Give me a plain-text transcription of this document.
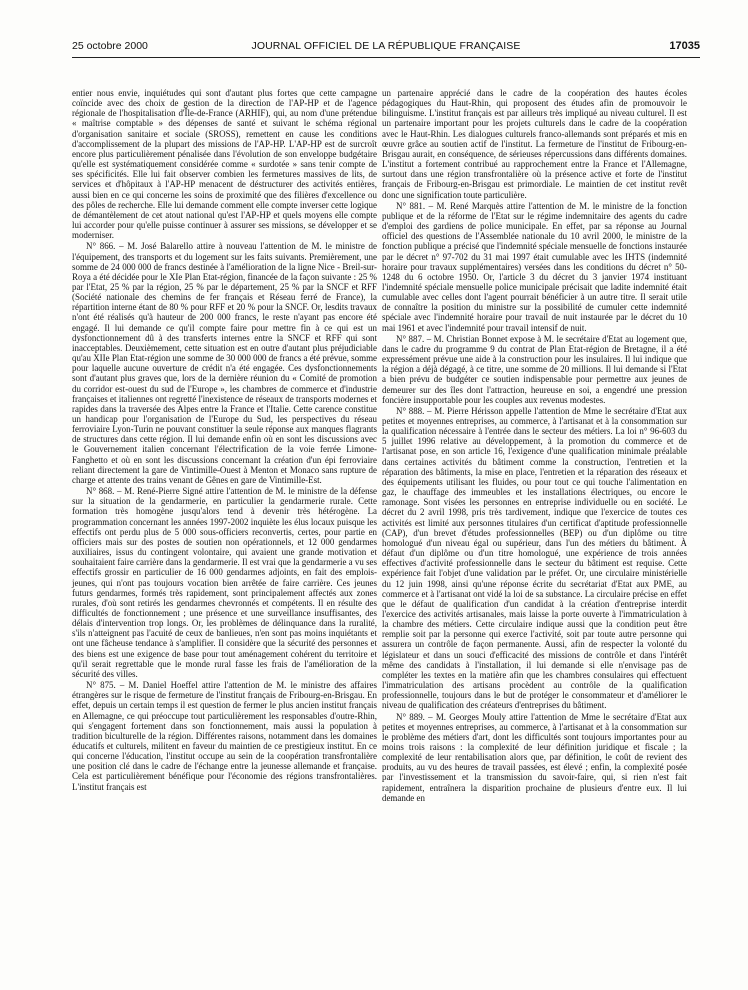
25 octobre 2000	JOURNAL OFFICIEL DE LA RÉPUBLIQUE FRANÇAISE	17035

entier nous envie, inquiétudes qui sont d'autant plus fortes que cette campagne coïncide avec des choix de gestion de la direction de l'AP-HP et de l'agence régionale de l'hospitalisation d'Île-de-France (ARHIF), qui, au nom d'une prétendue « maîtrise comptable » des dépenses de santé et suivant le schéma régional d'organisation sanitaire et sociale (SROSS), remettent en cause les conditions d'accomplissement de la plupart des missions de l'AP-HP. L'AP-HP est de surcroît encore plus particulièrement pénalisée dans l'évolution de son enveloppe budgétaire qu'elle est systématiquement considérée comme « surdotée » sans tenir compte de ses spécificités. Elle lui fait observer combien les fermetures massives de lits, de services et d'hôpitaux à l'AP-HP menacent de déstructurer des activités entières, aussi bien en ce qui concerne les soins de proximité que des filières d'excellence ou des pôles de recherche. Elle lui demande comment elle compte inverser cette logique de démantèlement de cet atout national qu'est l'AP-HP et quels moyens elle compte lui accorder pour qu'elle puisse continuer à assurer ses missions, se développer et se moderniser.

N° 866. – M. José Balarello attire à nouveau l'attention de M. le ministre de l'équipement, des transports et du logement sur les faits suivants. Premièrement, une somme de 24 000 000 de francs destinée à l'amélioration de la ligne Nice - Breil-sur-Roya a été décidée pour le XIe Plan Etat-région, financée de la façon suivante : 25 % par l'Etat, 25 % par la région, 25 % par le département, 25 % par la SNCF et RFF (Société nationale des chemins de fer français et Réseau ferré de France), la répartition interne étant de 80 % pour RFF et 20 % pour la SNCF. Or, lesdits travaux n'ont été réalisés qu'à hauteur de 200 000 francs, le reste n'ayant pas encore été engagé. Il lui demande ce qu'il compte faire pour mettre fin à ce qui est un dysfonctionnement dû à des transferts internes entre la SNCF et RFF qui sont inacceptables. Deuxièmement, cette situation est en outre d'autant plus préjudiciable qu'au XIIe Plan Etat-région une somme de 30 000 000 de francs a été prévue, somme pour laquelle aucune ouverture de crédit n'a été engagée. Ces dysfonctionnements sont d'autant plus graves que, lors de la dernière réunion du « Comité de promotion du corridor est-ouest du sud de l'Europe », les chambres de commerce et d'industrie françaises et italiennes ont regretté l'inexistence de réseaux de transports modernes et rapides dans la traversée des Alpes entre la France et l'Italie. Cette carence constitue un handicap pour l'organisation de l'Europe du Sud, les perspectives du réseau ferroviaire Lyon-Turin ne pouvant constituer la seule réponse aux manques flagrants de structures dans cette région. Il lui demande enfin où en sont les discussions avec le Gouvernement italien concernant l'électrification de la voie ferrée Limone-Fanghetto et où en sont les discussions concernant la création d'un épi ferroviaire reliant directement la gare de Vintimille-Ouest à Menton et Monaco sans rupture de charge et attente des trains venant de Gênes en gare de Vintimille-Est.

N° 868. – M. René-Pierre Signé attire l'attention de M. le ministre de la défense sur la situation de la gendarmerie, en particulier la gendarmerie rurale. Cette formation très homogène jusqu'alors tend à devenir très hétérogène. La programmation concernant les années 1997-2002 inquiète les élus locaux puisque les effectifs ont perdu plus de 5 000 sous-officiers reconvertis, certes, pour partie en officiers mais sur des postes de soutien non opérationnels, et 12 000 gendarmes auxiliaires, issus du contingent volontaire, qui avaient une grande motivation et souhaitaient faire carrière dans la gendarmerie. Il est vrai que la gendarmerie a vu ses effectifs grossir en particulier de 16 000 gendarmes adjoints, en fait des emplois-jeunes, qui n'ont pas toujours vocation bien arrêtée de faire carrière. Ces jeunes futurs gendarmes, formés très rapidement, sont principalement affectés aux zones rurales, d'où sont retirés les gendarmes chevronnés et compétents. Il en résulte des difficultés de fonctionnement ; une présence et une surveillance insuffisantes, des délais d'intervention trop longs. Or, les problèmes de délinquance dans la ruralité, s'ils n'atteignent pas l'acuité de ceux de banlieues, n'en sont pas moins inquiétants et ont une fâcheuse tendance à s'amplifier. Il considère que la sécurité des personnes et des biens est une exigence de base pour tout aménagement cohérent du territoire et qu'il serait regrettable que le monde rural fasse les frais de l'amélioration de la sécurité des villes.

N° 875. – M. Daniel Hoeffel attire l'attention de M. le ministre des affaires étrangères sur le risque de fermeture de l'institut français de Fribourg-en-Brisgau. En effet, depuis un certain temps il est question de fermer le plus ancien institut français en Allemagne, ce qui préoccupe tout particulièrement les responsables d'outre-Rhin, qui s'engagent fortement dans son fonctionnement, mais aussi la population à tradition biculturelle de la région. Différentes raisons, notamment dans les domaines éducatifs et culturels, militent en faveur du maintien de ce prestigieux institut. En ce qui concerne l'éducation, l'institut occupe au sein de la coopération transfrontalière une position clé dans le cadre de l'échange entre la jeunesse allemande et française. Cela est particulièrement bénéfique pour l'économie des régions transfrontalières. L'institut français est

un partenaire apprécié dans le cadre de la coopération des hautes écoles pédagogiques du Haut-Rhin, qui proposent des études afin de promouvoir le bilinguisme. L'institut français est par ailleurs très impliqué au niveau culturel. Il est un partenaire important pour les projets culturels dans le cadre de la coopération avec le Haut-Rhin. Les dialogues culturels franco-allemands sont préparés et mis en œuvre grâce au soutien actif de l'institut. La fermeture de l'institut de Fribourg-en-Brisgau aurait, en conséquence, de sérieuses répercussions dans différents domaines. L'institut a fortement contribué au rapprochement entre la France et l'Allemagne, surtout dans une région transfrontalière où la présence active et forte de l'institut français de Fribourg-en-Brisgau est primordiale. Le maintien de cet institut revêt donc une signification toute particulière.

N° 881. – M. René Marquès attire l'attention de M. le ministre de la fonction publique et de la réforme de l'Etat sur le régime indemnitaire des agents du cadre d'emploi des gardiens de police municipale. En effet, par sa réponse au Journal officiel des questions de l'Assemblée nationale du 10 avril 2000, le ministre de la fonction publique a précisé que l'indemnité spéciale mensuelle de fonctions instaurée par le décret n° 97-702 du 31 mai 1997 était cumulable avec les IHTS (indemnité horaire pour travaux supplémentaires) versées dans les conditions du décret n° 50-1248 du 6 octobre 1950. Or, l'article 3 du décret du 3 janvier 1974 instituant l'indemnité spéciale mensuelle police municipale précisait que ladite indemnité était cumulable avec celles dont l'agent pourrait bénéficier à un autre titre. Il serait utile de connaître la position du ministre sur la possibilité de cumuler cette indemnité spéciale avec l'indemnité horaire pour travail de nuit instaurée par le décret du 10 mai 1961 et avec l'indemnité pour travail intensif de nuit.

N° 887. – M. Christian Bonnet expose à M. le secrétaire d'Etat au logement que, dans le cadre du programme 9 du contrat de Plan Etat-région de Bretagne, il a été expressément prévue une aide à la construction pour les insulaires. Il lui indique que la région a déjà dégagé, à ce titre, une somme de 20 millions. Il lui demande si l'Etat a bien prévu de budgéter ce soutien indispensable pour permettre aux jeunes de demeurer sur des îles dont l'attraction, heureuse en soi, a engendré une pression foncière insupportable pour les couples aux revenus modestes.

N° 888. – M. Pierre Hérisson appelle l'attention de Mme le secrétaire d'Etat aux petites et moyennes entreprises, au commerce, à l'artisanat et à la consommation sur la qualification nécessaire à l'entrée dans le secteur des métiers. La loi n° 96-603 du 5 juillet 1996 relative au développement, à la promotion du commerce et de l'artisanat pose, en son article 16, l'exigence d'une qualification minimale préalable dans certaines activités du bâtiment comme la construction, l'entretien et la réparation des bâtiments, la mise en place, l'entretien et la réparation des réseaux et des équipements utilisant les fluides, ou pour tout ce qui touche l'alimentation en gaz, le chauffage des immeubles et les installations électriques, ou encore le ramonage. Sont visées les personnes en entreprise individuelle ou en société. Le décret du 2 avril 1998, pris très tardivement, indique que l'exercice de toutes ces activités est limité aux personnes titulaires d'un certificat d'aptitude professionnelle (CAP), d'un brevet d'études professionnelles (BEP) ou d'un diplôme ou titre homologué d'un niveau égal ou supérieur, dans l'un des métiers du bâtiment. À défaut d'un diplôme ou d'un titre homologué, une expérience de trois années effectives d'activité professionnelle dans le secteur du bâtiment est requise. Cette expérience fait l'objet d'une validation par le préfet. Or, une circulaire ministérielle du 12 juin 1998, ainsi qu'une réponse écrite du secrétariat d'Etat aux PME, au commerce et à l'artisanat ont vidé la loi de sa substance. La circulaire précise en effet que le défaut de qualification d'un candidat à la création d'entreprise interdit l'exercice des activités artisanales, mais laisse la porte ouverte à l'immatriculation à la chambre des métiers. Cette circulaire indique aussi que la condition peut être remplie soit par la personne qui exerce l'activité, soit par toute autre personne qui assurera un contrôle de façon permanente. Aussi, afin de respecter la volonté du législateur et dans un souci d'efficacité des missions de contrôle et dans l'intérêt même des candidats à l'installation, il lui demande si elle n'envisage pas de compléter les textes en la matière afin que les chambres consulaires qui effectuent l'immatriculation des artisans procèdent au contrôle de la qualification professionnelle, toujours dans le but de protéger le consommateur et d'améliorer le niveau de qualification des créateurs d'entreprises du bâtiment.

N° 889. – M. Georges Mouly attire l'attention de Mme le secrétaire d'Etat aux petites et moyennes entreprises, au commerce, à l'artisanat et à la consommation sur le problème des métiers d'art, dont les difficultés sont toujours importantes pour au moins trois raisons : la complexité de leur définition juridique et fiscale ; la complexité de leur rentabilisation alors que, par définition, le coût de revient des produits, au vu des heures de travail passées, est élevé ; enfin, la complexité posée par l'investissement et la transmission du savoir-faire, qui, si rien n'est fait rapidement, entraînera la disparition prochaine de plusieurs d'entre eux. Il lui demande en
